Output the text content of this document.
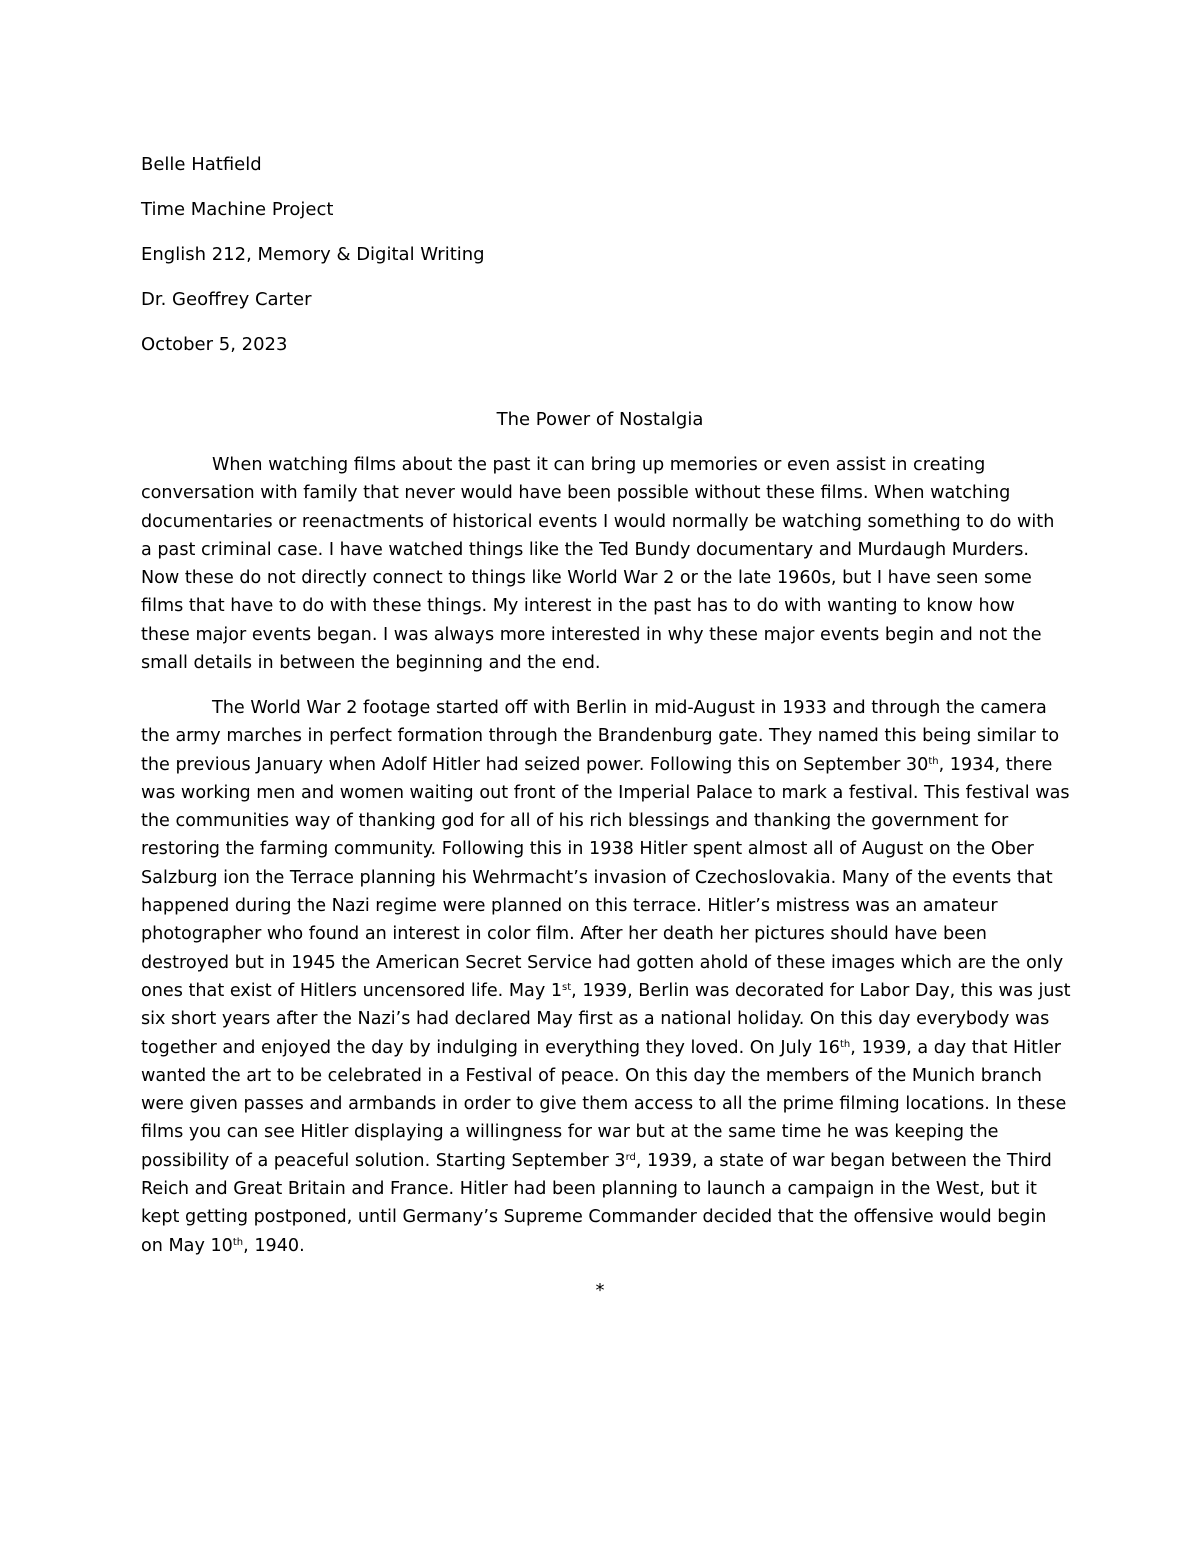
Belle Hatfield
Time Machine Project
English 212, Memory & Digital Writing
Dr. Geoffrey Carter
October 5, 2023
The Power of Nostalgia
When watching films about the past it can bring up memories or even assist in creating
conversation with family that never would have been possible without these films. When watching
documentaries or reenactments of historical events I would normally be watching something to do with
a past criminal case. I have watched things like the Ted Bundy documentary and Murdaugh Murders.
Now these do not directly connect to things like World War 2 or the late 1960s, but I have seen some
films that have to do with these things. My interest in the past has to do with wanting to know how
these major events began. I was always more interested in why these major events begin and not the
small details in between the beginning and the end.
The World War 2 footage started off with Berlin in mid-August in 1933 and through the camera
the army marches in perfect formation through the Brandenburg gate. They named this being similar to
the previous January when Adolf Hitler had seized power. Following this on September 30th, 1934, there
was working men and women waiting out front of the Imperial Palace to mark a festival. This festival was
the communities way of thanking god for all of his rich blessings and thanking the government for
restoring the farming community. Following this in 1938 Hitler spent almost all of August on the Ober
Salzburg ion the Terrace planning his Wehrmacht’s invasion of Czechoslovakia. Many of the events that
happened during the Nazi regime were planned on this terrace. Hitler’s mistress was an amateur
photographer who found an interest in color film. After her death her pictures should have been
destroyed but in 1945 the American Secret Service had gotten ahold of these images which are the only
ones that exist of Hitlers uncensored life. May 1st, 1939, Berlin was decorated for Labor Day, this was just
six short years after the Nazi’s had declared May first as a national holiday. On this day everybody was
together and enjoyed the day by indulging in everything they loved. On July 16th, 1939, a day that Hitler
wanted the art to be celebrated in a Festival of peace. On this day the members of the Munich branch
were given passes and armbands in order to give them access to all the prime filming locations. In these
films you can see Hitler displaying a willingness for war but at the same time he was keeping the
possibility of a peaceful solution. Starting September 3rd, 1939, a state of war began between the Third
Reich and Great Britain and France. Hitler had been planning to launch a campaign in the West, but it
kept getting postponed, until Germany’s Supreme Commander decided that the offensive would begin
on May 10th, 1940.
*
